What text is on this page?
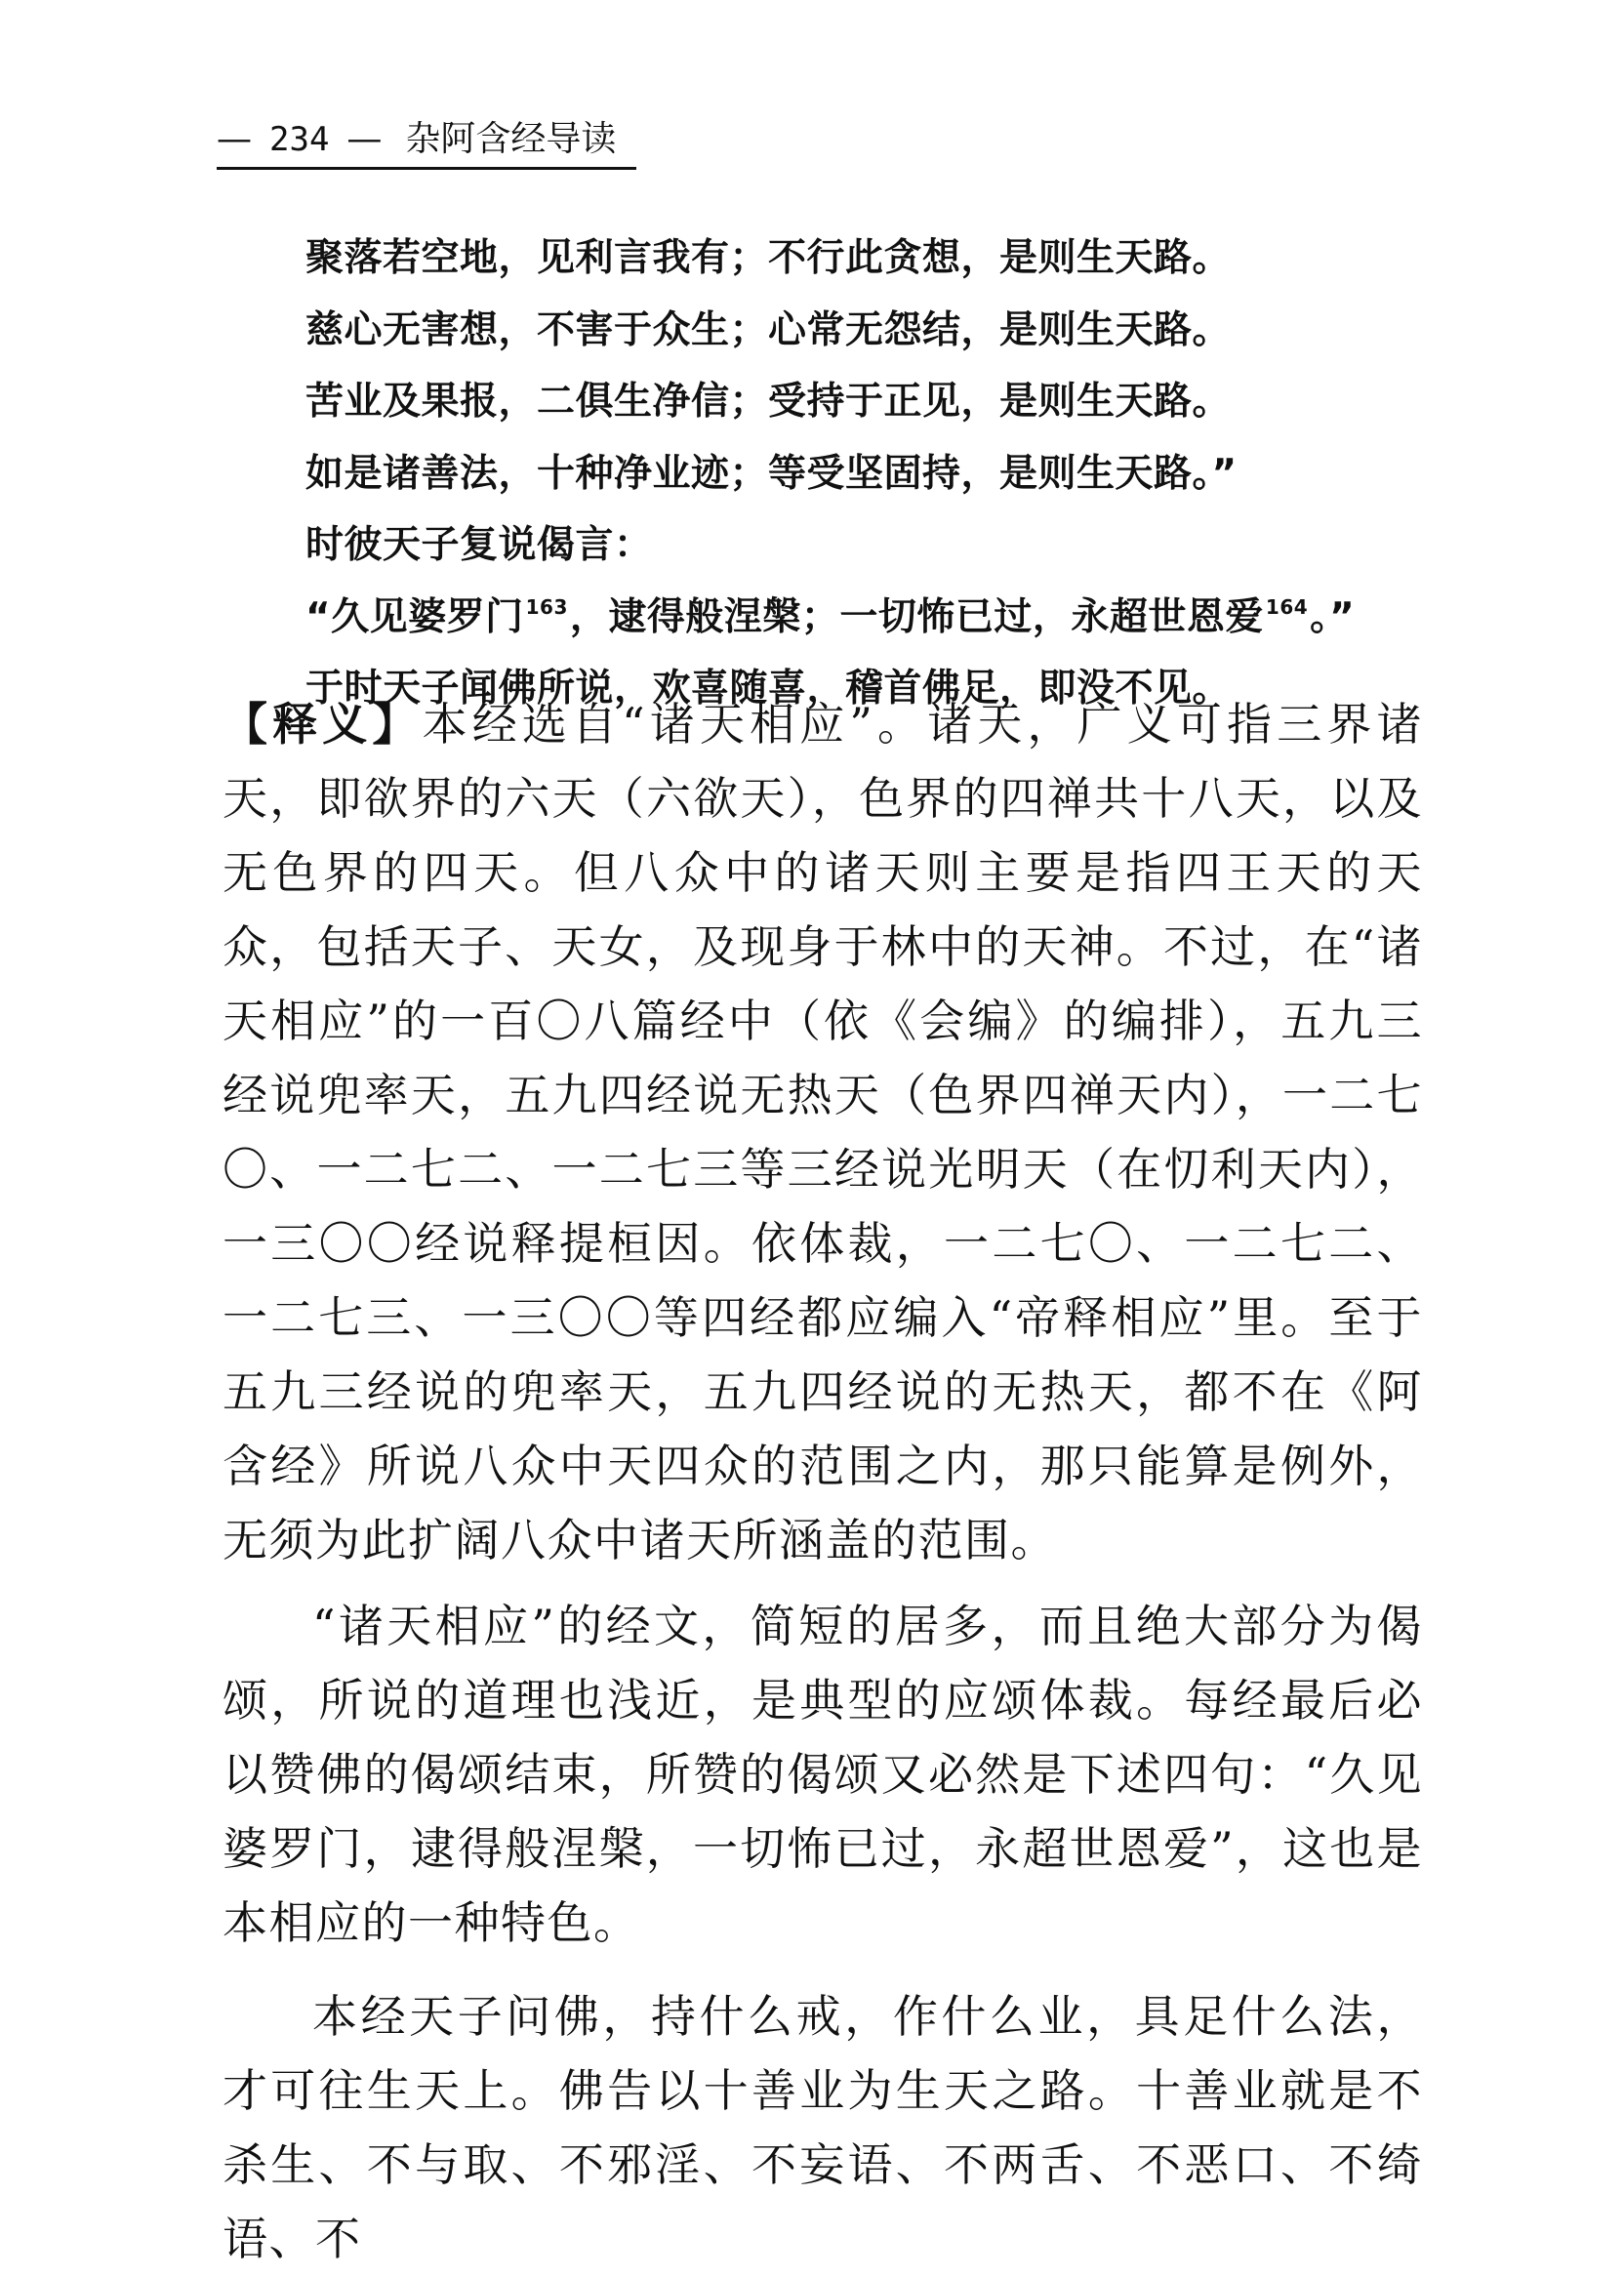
— 234 — 杂阿含经导读

聚落若空地，见利言我有；不行此贪想，是则生天路。

慈心无害想，不害于众生；心常无怨结，是则生天路。

苦业及果报，二俱生净信；受持于正见，是则生天路。

如是诸善法，十种净业迹；等受坚固持，是则生天路。”

时彼天子复说偈言：

“久见婆罗门 $^{163}$，逮得般涅槃；一切怖已过，永超世恩爱 $^{164}$。”

于时天子闻佛所说，欢喜随喜，稽首佛足，即没不见。

【释义】本经选自“诸天相应”。诸天，广义可指三界诸天，即欲界的六天（六欲天），色界的四禅共十八天，以及无色界的四天。但八众中的诸天则主要是指四王天的天众，包括天子、天女，及现身于林中的天神。不过，在“诸天相应”的一百〇八篇经中（依《会编》的编排），五九三经说兜率天，五九四经说无热天（色界四禅天内），一二七〇、一二七二、一二七三等三经说光明天（在忉利天内），一三〇〇经说释提桓因。依体裁，一二七〇、一二七二、一二七三、一三〇〇等四经都应编入“帝释相应”里。至于五九三经说的兜率天，五九四经说的无热天，都不在《阿含经》所说八众中天四众的范围之内，那只能算是例外，无须为此扩阔八众中诸天所涵盖的范围。

“诸天相应”的经文，简短的居多，而且绝大部分为偈颂，所说的道理也浅近，是典型的应颂体裁。每经最后必以赞佛的偈颂结束，所赞的偈颂又必然是下述四句：“久见婆罗门，逮得般涅槃，一切怖已过，永超世恩爱”，这也是本相应的一种特色。

本经天子问佛，持什么戒，作什么业，具足什么法，才可往生天上。佛告以十善业为生天之路。十善业就是不杀生、不与取、不邪淫、不妄语、不两舌、不恶口、不绮语、不
